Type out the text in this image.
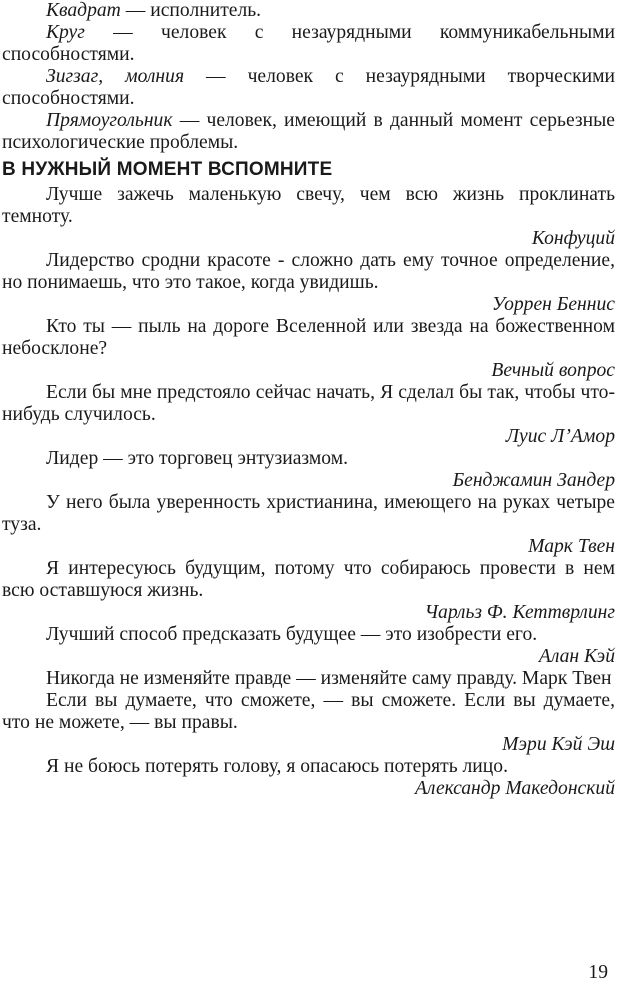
Квадрат — исполнитель.

Круг — человек с незаурядными коммуникабельными способностями.

Зигзаг, молния — человек с незаурядными творческими способностями.

Прямоугольник — человек, имеющий в данный момент серьезные психологические проблемы.

В НУЖНЫЙ МОМЕНТ ВСПОМНИТЕ

Лучше зажечь маленькую свечу, чем всю жизнь проклинать темноту.

Конфуций

Лидерство сродни красоте - сложно дать ему точное определение, но понимаешь, что это такое, когда увидишь.

Уоррен Беннис

Кто ты — пыль на дороге Вселенной или звезда на божественном небосклоне?

Вечный вопрос

Если бы мне предстояло сейчас начать, Я сделал бы так, чтобы что-нибудь случилось.

Луис Л’Амор

Лидер — это торговец энтузиазмом.

Бенджамин Зандер

У него была уверенность христианина, имеющего на руках четыре туза.

Марк Твен

Я интересуюсь будущим, потому что собираюсь провести в нем всю оставшуюся жизнь.

Чарльз Ф. Кеттврлинг

Лучший способ предсказать будущее — это изобрести его.

Алан Кэй

Никогда не изменяйте правде — изменяйте саму правду. Марк Твен

Если вы думаете, что сможете, — вы сможете. Если вы думаете, что не можете, — вы правы.

Мэри Кэй Эш

Я не боюсь потерять голову, я опасаюсь потерять лицо.

Александр Македонский

19
